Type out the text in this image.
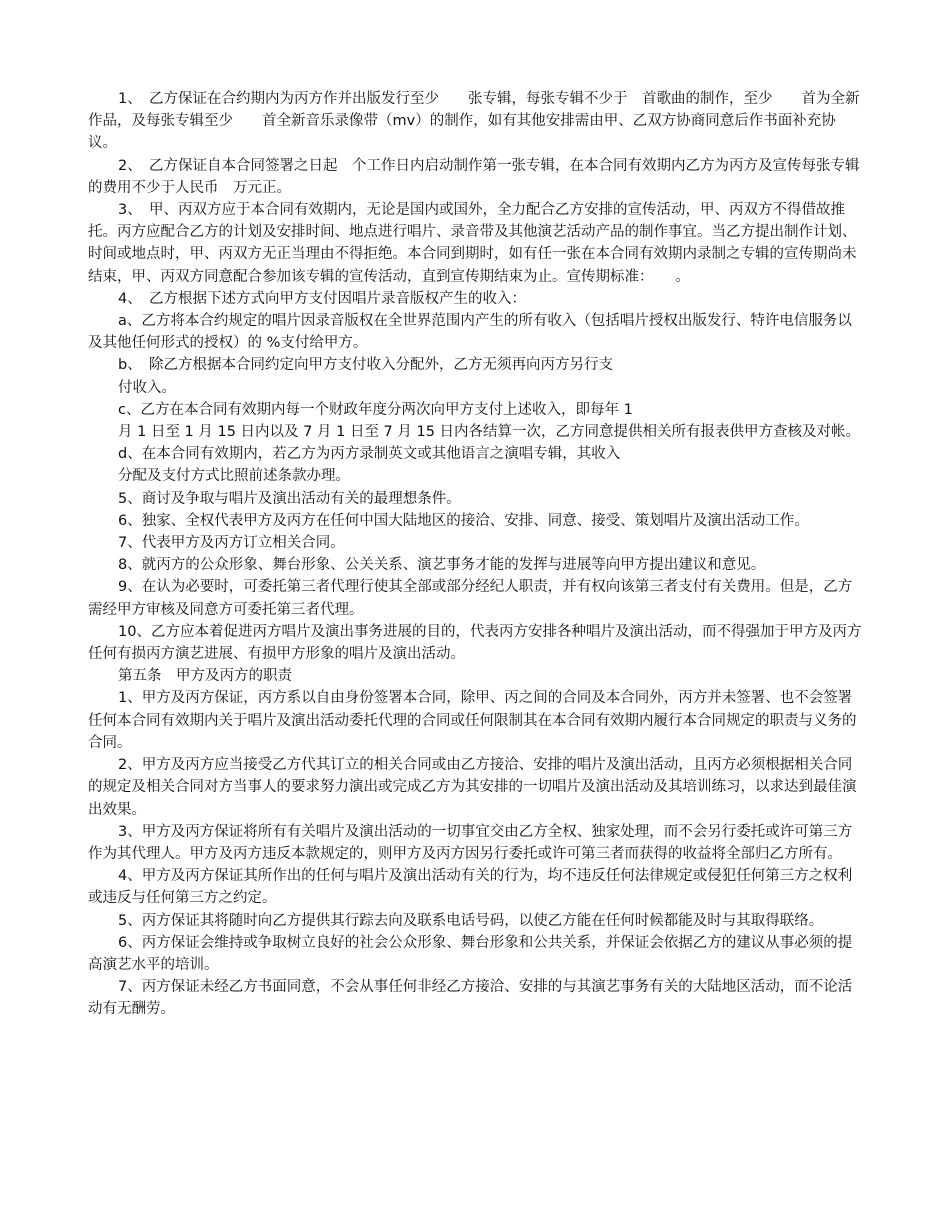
1、　乙方保证在合约期内为丙方作并出版发行至少　　张专辑，每张专辑不少于　首歌曲的制作，至少　　首为全新作品，及每张专辑至少　　首全新音乐录像带（mv）的制作，如有其他安排需由甲、乙双方协商同意后作书面补充协议。

2、　乙方保证自本合同签署之日起　个工作日内启动制作第一张专辑，在本合同有效期内乙方为丙方及宣传每张专辑的费用不少于人民币　万元正。

3、　甲、丙双方应于本合同有效期内，无论是国内或国外，全力配合乙方安排的宣传活动，甲、丙双方不得借故推托。丙方应配合乙方的计划及安排时间、地点进行唱片、录音带及其他演艺活动产品的制作事宜。当乙方提出制作计划、时间或地点时，甲、丙双方无正当理由不得拒绝。本合同到期时，如有任一张在本合同有效期内录制之专辑的宣传期尚未结束，甲、丙双方同意配合参加该专辑的宣传活动，直到宣传期结束为止。宣传期标准：　　。

4、　乙方根据下述方式向甲方支付因唱片录音版权产生的收入：

a、乙方将本合约规定的唱片因录音版权在全世界范围内产生的所有收入（包括唱片授权出版发行、特许电信服务以及其他任何形式的授权）的 %支付给甲方。

b、　除乙方根据本合同约定向甲方支付收入分配外，乙方无须再向丙方另行支

付收入。

c、乙方在本合同有效期内每一个财政年度分两次向甲方支付上述收入，即每年 1

月 1 日至 1 月 15 日内以及 7 月 1 日至 7 月 15 日内各结算一次，乙方同意提供相关所有报表供甲方查核及对帐。

d、在本合同有效期内，若乙方为丙方录制英文或其他语言之演唱专辑，其收入

分配及支付方式比照前述条款办理。

5、商讨及争取与唱片及演出活动有关的最理想条件。

6、独家、全权代表甲方及丙方在任何中国大陆地区的接洽、安排、同意、接受、策划唱片及演出活动工作。

7、代表甲方及丙方订立相关合同。

8、就丙方的公众形象、舞台形象、公关关系、演艺事务才能的发挥与进展等向甲方提出建议和意见。

9、在认为必要时，可委托第三者代理行使其全部或部分经纪人职责，并有权向该第三者支付有关费用。但是，乙方需经甲方审核及同意方可委托第三者代理。

10、乙方应本着促进丙方唱片及演出事务进展的目的，代表丙方安排各种唱片及演出活动，而不得强加于甲方及丙方任何有损丙方演艺进展、有损甲方形象的唱片及演出活动。

第五条　甲方及丙方的职责

1、甲方及丙方保证，丙方系以自由身份签署本合同，除甲、丙之间的合同及本合同外，丙方并未签署、也不会签署任何本合同有效期内关于唱片及演出活动委托代理的合同或任何限制其在本合同有效期内履行本合同规定的职责与义务的合同。

2、甲方及丙方应当接受乙方代其订立的相关合同或由乙方接洽、安排的唱片及演出活动，且丙方必须根据相关合同的规定及相关合同对方当事人的要求努力演出或完成乙方为其安排的一切唱片及演出活动及其培训练习，以求达到最佳演出效果。

3、甲方及丙方保证将所有有关唱片及演出活动的一切事宜交由乙方全权、独家处理，而不会另行委托或许可第三方作为其代理人。甲方及丙方违反本款规定的，则甲方及丙方因另行委托或许可第三者而获得的收益将全部归乙方所有。

4、甲方及丙方保证其所作出的任何与唱片及演出活动有关的行为，均不违反任何法律规定或侵犯任何第三方之权利或违反与任何第三方之约定。

5、丙方保证其将随时向乙方提供其行踪去向及联系电话号码，以使乙方能在任何时候都能及时与其取得联络。

6、丙方保证会维持或争取树立良好的社会公众形象、舞台形象和公共关系，并保证会依据乙方的建议从事必须的提高演艺水平的培训。

7、丙方保证未经乙方书面同意，不会从事任何非经乙方接洽、安排的与其演艺事务有关的大陆地区活动，而不论活动有无酬劳。
